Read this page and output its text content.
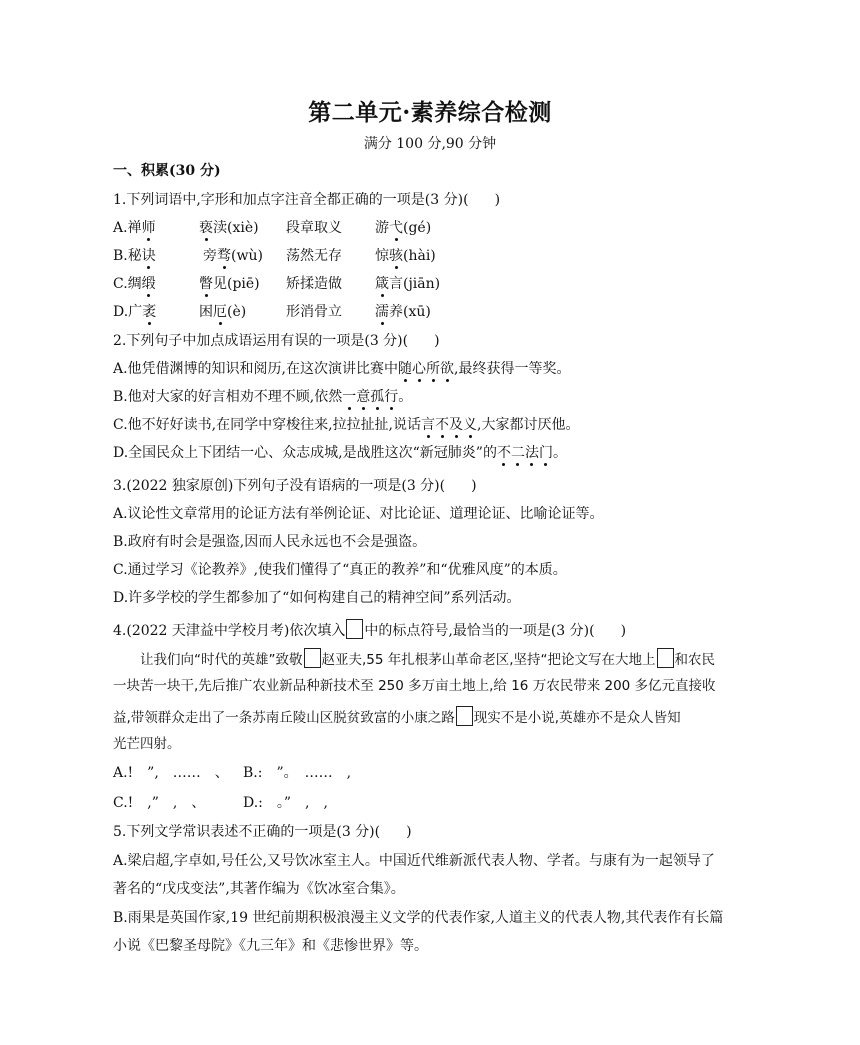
第二单元·素养综合检测
满分 100 分,90 分钟
一、积累(30 分)
1.下列词语中,字形和加点字注音全都正确的一项是(3 分)( )
A.禅师	亵渎(xiè) 段章取义 游弋(gé)
B.秘诀	旁骛(wù) 荡然无存 惊骇(hài)
C.绸缎	瞥见(piē) 矫揉造做 箴言(jiān)
D.广袤	困厄(è)	形消骨立 濡养(xū)
2.下列句子中加点成语运用有误的一项是(3 分)( )
A.他凭借渊博的知识和阅历,在这次演讲比赛中随心所欲,最终获得一等奖。
B.他对大家的好言相劝不理不顾,依然一意孤行。
C.他不好好读书,在同学中穿梭往来,拉拉扯扯,说话言不及义,大家都讨厌他。
D.全国民众上下团结一心、众志成城,是战胜这次“新冠肺炎”的不二法门。
3.(2022 独家原创)下列句子没有语病的一项是(3 分)( )
A.议论性文章常用的论证方法有举例论证、对比论证、道理论证、比喻论证等。
B.政府有时会是强盗,因而人民永远也不会是强盗。
C.通过学习《论教养》,使我们懂得了“真正的教养”和“优雅风度”的本质。
D.许多学校的学生都参加了“如何构建自己的精神空间”系列活动。
4.(2022 天津益中学校月考)依次填入 中的标点符号,最恰当的一项是(3 分)( )
让我们向“时代的英雄”致敬 赵亚夫,55 年扎根茅山革命老区,坚持“把论文写在大地上 和农民
一块苦一块干,先后推广农业新品种新技术至 250 多万亩土地上,给 16 万农民带来 200 多亿元直接收
益,带领群众走出了一条苏南丘陵山区脱贫致富的小康之路 现实不是小说,英雄亦不是众人皆知
光芒四射。
A.!　”,　……　、 B.:　”。　……　,
C.!　,”　,　、	D.:　。”　,　,
5.下列文学常识表述不正确的一项是(3 分)( )
A.梁启超,字卓如,号任公,又号饮冰室主人。中国近代维新派代表人物、学者。与康有为一起领导了
著名的“戊戌变法”,其著作编为《饮冰室合集》。
B.雨果是英国作家,19 世纪前期积极浪漫主义文学的代表作家,人道主义的代表人物,其代表作有长篇
小说《巴黎圣母院》《九三年》和《悲惨世界》等。
